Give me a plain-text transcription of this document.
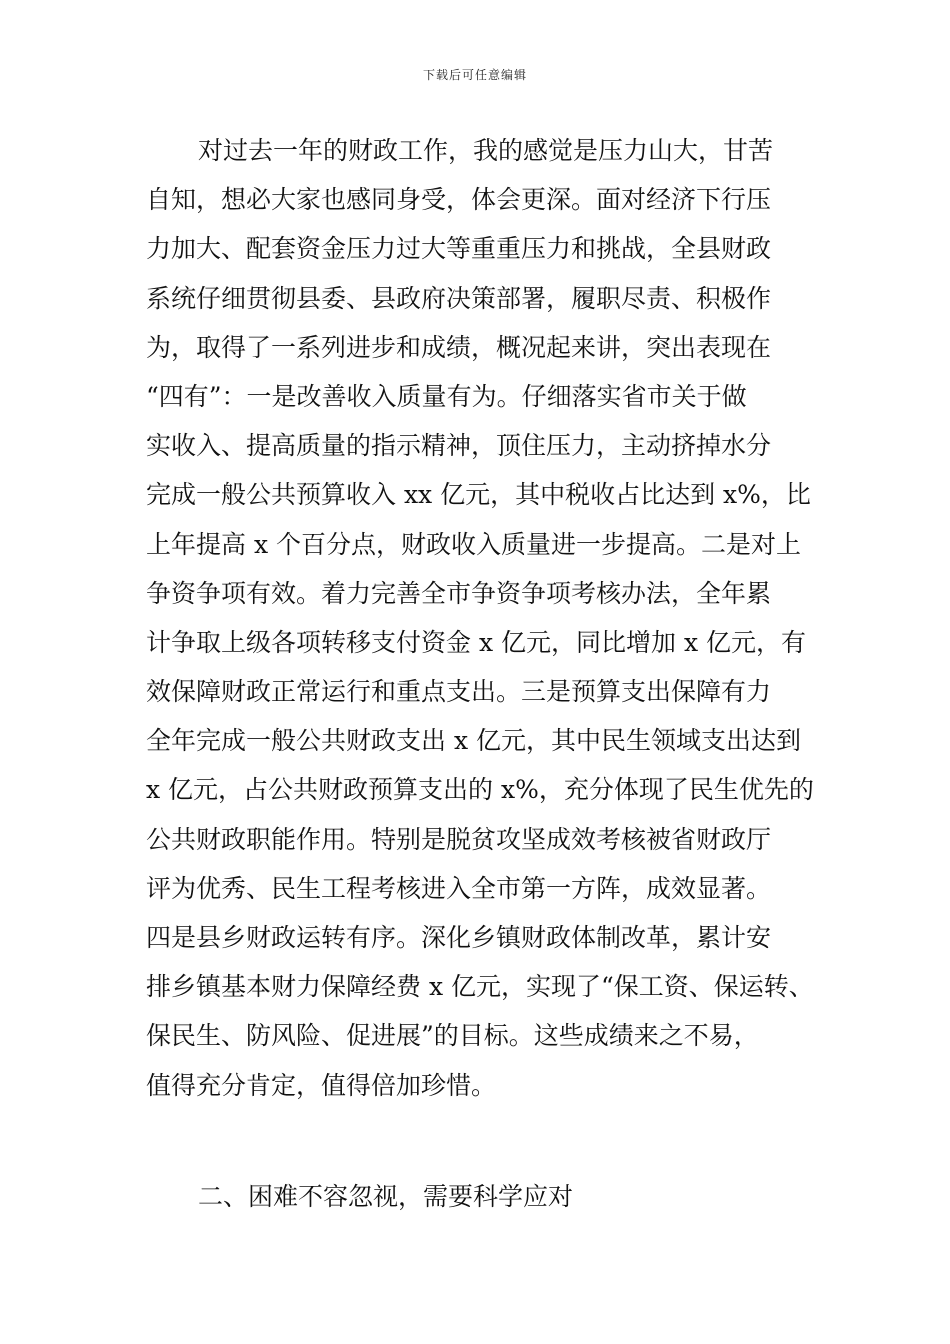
下载后可任意编辑
对过去一年的财政工作，我的感觉是压力山大，甘苦
自知，想必大家也感同身受，体会更深。面对经济下行压
力加大、配套资金压力过大等重重压力和挑战，全县财政
系统仔细贯彻县委、县政府决策部署，履职尽责、积极作
为，取得了一系列进步和成绩，概况起来讲，突出表现在
“四有”：一是改善收入质量有为。仔细落实省市关于做
实收入、提高质量的指示精神，顶住压力，主动挤掉水分
完成一般公共预算收入 xx 亿元，其中税收占比达到 x%，比
上年提高 x 个百分点，财政收入质量进一步提高。二是对上
争资争项有效。着力完善全市争资争项考核办法，全年累
计争取上级各项转移支付资金 x 亿元，同比增加 x 亿元，有
效保障财政正常运行和重点支出。三是预算支出保障有力
全年完成一般公共财政支出 x 亿元，其中民生领域支出达到
x 亿元，占公共财政预算支出的 x%，充分体现了民生优先的
公共财政职能作用。特别是脱贫攻坚成效考核被省财政厅
评为优秀、民生工程考核进入全市第一方阵，成效显著。
四是县乡财政运转有序。深化乡镇财政体制改革，累计安
排乡镇基本财力保障经费 x 亿元，实现了“保工资、保运转、
保民生、防风险、促进展”的目标。这些成绩来之不易，
值得充分肯定，值得倍加珍惜。
二、困难不容忽视，需要科学应对
